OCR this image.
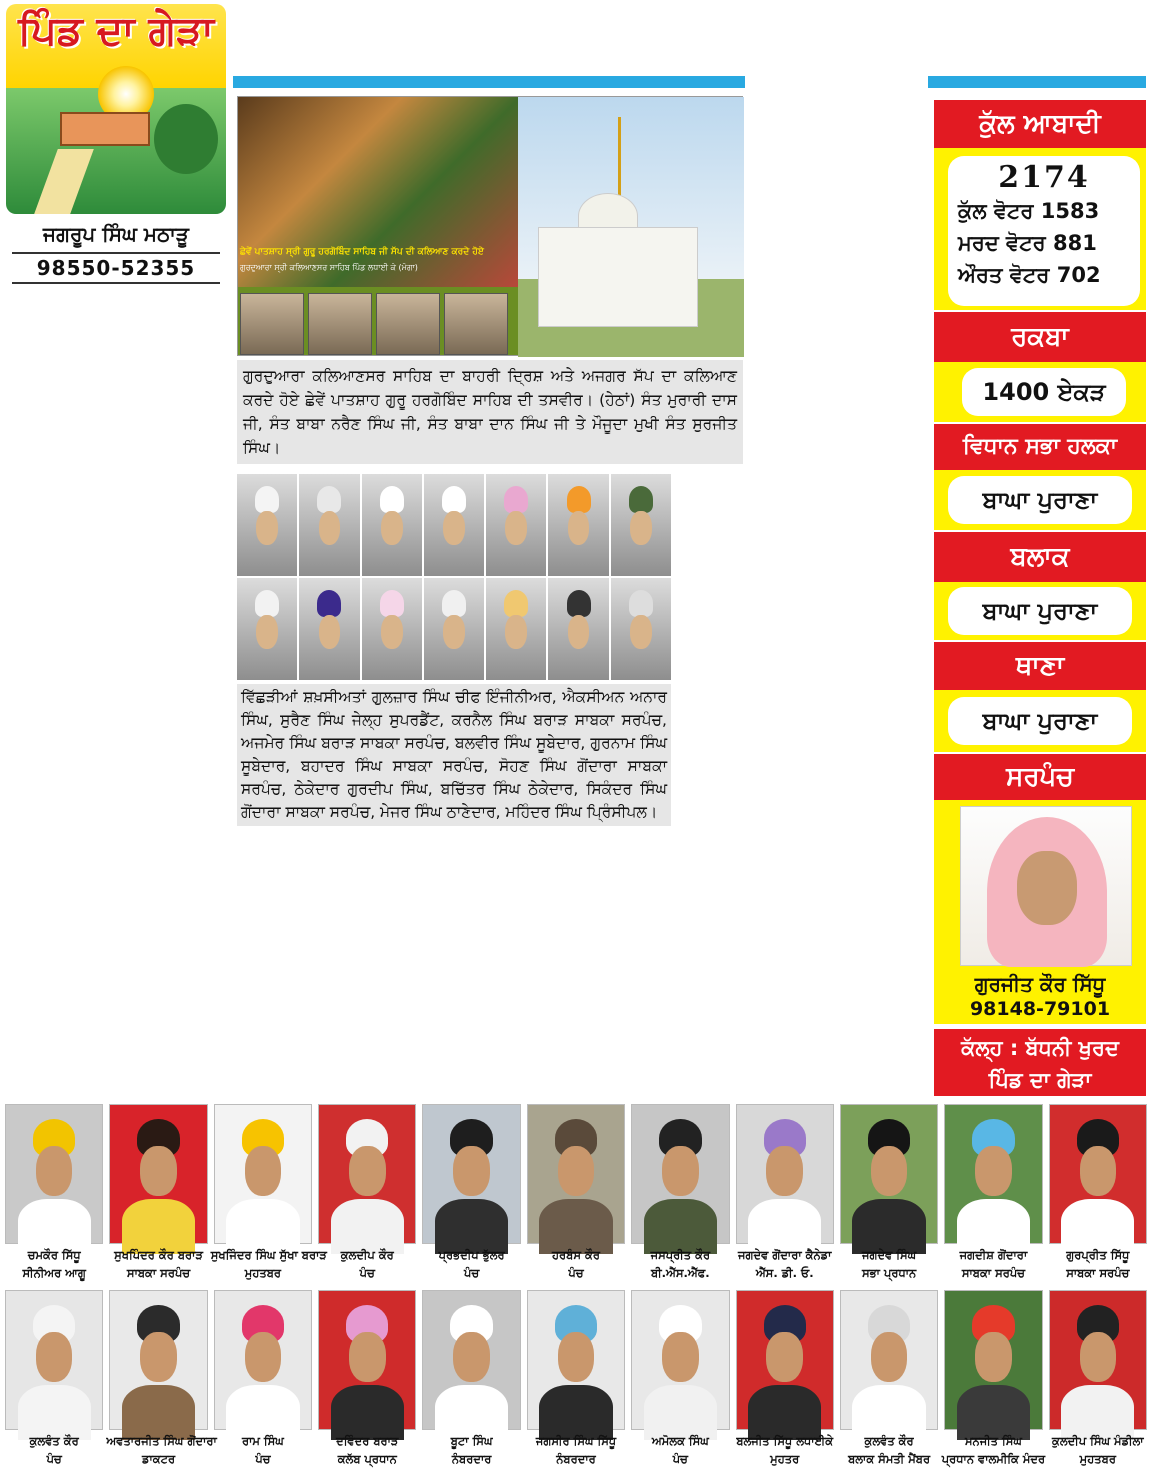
ਪਿੰਡ ਦਾ ਗੇੜਾ
ਜਗਰੂਪ ਸਿੰਘ ਮਠਾੜੂ
98550-52355
ਛੇਵੇਂ ਪਾਤਸ਼ਾਹ ਸ੍ਰੀ ਗੁਰੂ ਹਰਗੋਬਿੰਦ ਸਾਹਿਬ ਜੀ ਸੱਪ ਦੀ ਕਲਿਆਣ ਕਰਦੇ ਹੋਏ
ਗੁਰਦੁਆਰਾ ਸ੍ਰੀ ਕਲਿਆਣਸਰ ਸਾਹਿਬ ਪਿੰਡ ਲਧਾਈ ਕੇ (ਮੋਗਾ)
ਗੁਰਦੁਆਰਾ ਕਲਿਆਣਸਰ ਸਾਹਿਬ ਦਾ ਬਾਹਰੀ ਦ੍ਰਿਸ਼ ਅਤੇ ਅਜਗਰ ਸੱਪ ਦਾ ਕਲਿਆਣ ਕਰਦੇ ਹੋਏ ਛੇਵੇਂ ਪਾਤਸ਼ਾਹ ਗੁਰੂ ਹਰਗੋਬਿੰਦ ਸਾਹਿਬ ਦੀ ਤਸਵੀਰ। (ਹੇਠਾਂ) ਸੰਤ ਮੁਰਾਰੀ ਦਾਸ ਜੀ, ਸੰਤ ਬਾਬਾ ਨਰੈਣ ਸਿੰਘ ਜੀ, ਸੰਤ ਬਾਬਾ ਦਾਨ ਸਿੰਘ ਜੀ ਤੇ ਮੌਜੂਦਾ ਮੁਖੀ ਸੰਤ ਸੁਰਜੀਤ ਸਿੰਘ।
ਵਿੱਛੜੀਆਂ ਸ਼ਖ਼ਸੀਅਤਾਂ ਗੁਲਜ਼ਾਰ ਸਿੰਘ ਚੀਫ ਇੰਜੀਨੀਅਰ, ਐਕਸੀਅਨ ਅਨਾਰ ਸਿੰਘ, ਸੁਰੈਣ ਸਿੰਘ ਜੇਲ੍ਹ ਸੁਪਰਡੈਂਟ, ਕਰਨੈਲ ਸਿੰਘ ਬਰਾੜ ਸਾਬਕਾ ਸਰਪੰਚ, ਅਜਮੇਰ ਸਿੰਘ ਬਰਾੜ ਸਾਬਕਾ ਸਰਪੰਚ, ਬਲਵੀਰ ਸਿੰਘ ਸੂਬੇਦਾਰ, ਗੁਰਨਾਮ ਸਿੰਘ ਸੂਬੇਦਾਰ, ਬਹਾਦਰ ਸਿੰਘ ਸਾਬਕਾ ਸਰਪੰਚ, ਸੋਹਣ ਸਿੰਘ ਗੋਂਦਾਰਾ ਸਾਬਕਾ ਸਰਪੰਚ, ਠੇਕੇਦਾਰ ਗੁਰਦੀਪ ਸਿੰਘ, ਬਚਿੱਤਰ ਸਿੰਘ ਠੇਕੇਦਾਰ, ਸਿਕੰਦਰ ਸਿੰਘ ਗੋਂਦਾਰਾ ਸਾਬਕਾ ਸਰਪੰਚ, ਮੇਜਰ ਸਿੰਘ ਠਾਣੇਦਾਰ, ਮਹਿੰਦਰ ਸਿੰਘ ਪ੍ਰਿੰਸੀਪਲ।
ਕੁੱਲ ਆਬਾਦੀ
2174
ਕੁੱਲ ਵੋਟਰ 1583
ਮਰਦ ਵੋਟਰ 881
ਔਰਤ ਵੋਟਰ 702
ਰਕਬਾ
1400 ਏਕੜ
ਵਿਧਾਨ ਸਭਾ ਹਲਕਾ
ਬਾਘਾ ਪੁਰਾਣਾ
ਬਲਾਕ
ਬਾਘਾ ਪੁਰਾਣਾ
ਥਾਣਾ
ਬਾਘਾ ਪੁਰਾਣਾ
ਸਰਪੰਚ
ਗੁਰਜੀਤ ਕੌਰ ਸਿੱਧੂ
98148-79101
ਕੱਲ੍ਹ : ਬੱਧਨੀ ਖੁਰਦ
ਪਿੰਡ ਦਾ ਗੇੜਾ
ਚਮਕੌਰ ਸਿੱਧੂ
ਸੀਨੀਅਰ ਆਗੂ
ਸੁਖਪਿੰਦਰ ਕੌਰ ਬਰਾੜ
ਸਾਬਕਾ ਸਰਪੰਚ
ਸੁਖਜਿੰਦਰ ਸਿੰਘ ਸੁੱਖਾ ਬਰਾੜ
ਮੁਹਤਬਰ
ਕੁਲਦੀਪ ਕੌਰ
ਪੰਚ
ਪ੍ਰਭਦੀਪ ਭੁੱਲਰ
ਪੰਚ
ਹਰਬੰਸ ਕੌਰ
ਪੰਚ
ਜਸਪ੍ਰੀਤ ਕੌਰ
ਬੀ.ਐੱਸ.ਐੱਫ.
ਜਗਦੇਵ ਗੋਂਦਾਰਾ ਕੈਨੇਡਾ
ਐੱਸ. ਡੀ. ਓ.
ਜਗਦੇਵ ਸਿੰਘ
ਸਭਾ ਪ੍ਰਧਾਨ
ਜਗਦੀਸ਼ ਗੋਂਦਾਰਾ
ਸਾਬਕਾ ਸਰਪੰਚ
ਗੁਰਪ੍ਰੀਤ ਸਿੱਧੂ
ਸਾਬਕਾ ਸਰਪੰਚ
ਕੁਲਵੰਤ ਕੌਰ
ਪੰਚ
ਅਵਤਾਰਜੀਤ ਸਿੰਘ ਗੋਂਦਾਰਾ
ਡਾਕਟਰ
ਰਾਮ ਸਿੰਘ
ਪੰਚ
ਦਵਿੰਦਰ ਬਰਾੜ
ਕਲੱਬ ਪ੍ਰਧਾਨ
ਬੂਟਾ ਸਿੰਘ
ਨੰਬਰਦਾਰ
ਜਗਸੀਰ ਸਿੰਘ ਸਿੱਧੂ
ਨੰਬਰਦਾਰ
ਅਮੋਲਕ ਸਿੰਘ
ਪੰਚ
ਬਲਜੀਤ ਸਿੱਧੂ ਲਧਾਈਕੇ
ਮੁਹਤਰ
ਕੁਲਵੰਤ ਕੌਰ
ਬਲਾਕ ਸੰਮਤੀ ਮੈਂਬਰ
ਮਨਜੀਤ ਸਿੰਘ
ਪ੍ਰਧਾਨ ਵਾਲਮੀਕਿ ਮੰਦਰ
ਕੁਲਦੀਪ ਸਿੰਘ ਮੰਡੀਲਾ
ਮੁਹਤਬਰ
